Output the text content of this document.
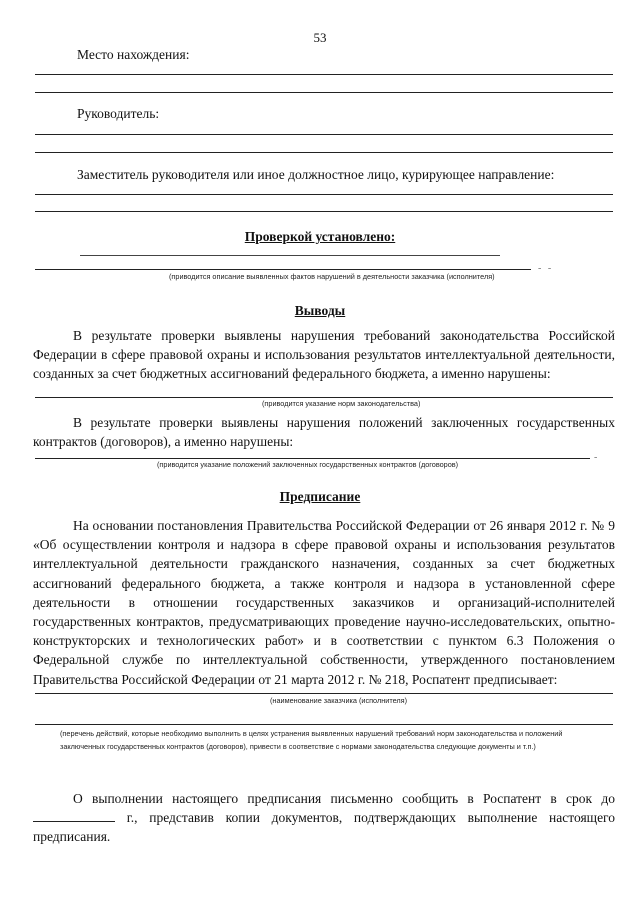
53
Место нахождения:
Руководитель:
Заместитель руководителя или иное должностное лицо, курирующее направление:
Проверкой установлено:
- -
(приводится описание выявленных фактов нарушений в деятельности заказчика (исполнителя)
Выводы

В результате проверки выявлены нарушения требований законодательства Российской Федерации в сфере правовой охраны и использования результатов интеллектуальной деятельности, созданных за счет бюджетных ассигнований федерального бюджета, а именно нарушены:

(приводится указание норм законодательства)

В результате проверки выявлены нарушения положений заключенных государственных контрактов (договоров), а именно нарушены:

-
(приводится указание положений заключенных государственных контрактов (договоров)
Предписание

На основании постановления Правительства Российской Федерации от 26 января 2012 г. № 9 «Об осуществлении контроля и надзора в сфере правовой охраны и использования результатов интеллектуальной деятельности гражданского назначения, созданных за счет бюджетных ассигнований федерального бюджета, а также контроля и надзора в установленной сфере деятельности в отношении государственных заказчиков и организаций-исполнителей государственных контрактов, предусматривающих проведение научно-исследовательских, опытно-конструкторских и технологических работ» и в соответствии с пунктом 6.3 Положения о Федеральной службе по интеллектуальной собственности, утвержденного постановлением Правительства Российской Федерации от 21 марта 2012 г. № 218, Роспатент предписывает:

(наименование заказчика (исполнителя)
(перечень действий, которые необходимо выполнить в целях устранения выявленных нарушений требований норм законодательства и положений
заключенных государственных контрактов (договоров), привести в соответствие с нормами законодательства следующие документы и т.п.)

О выполнении настоящего предписания письменно сообщить в Роспатент в срок до  г., представив копии документов, подтверждающих выполнение настоящего предписания.
